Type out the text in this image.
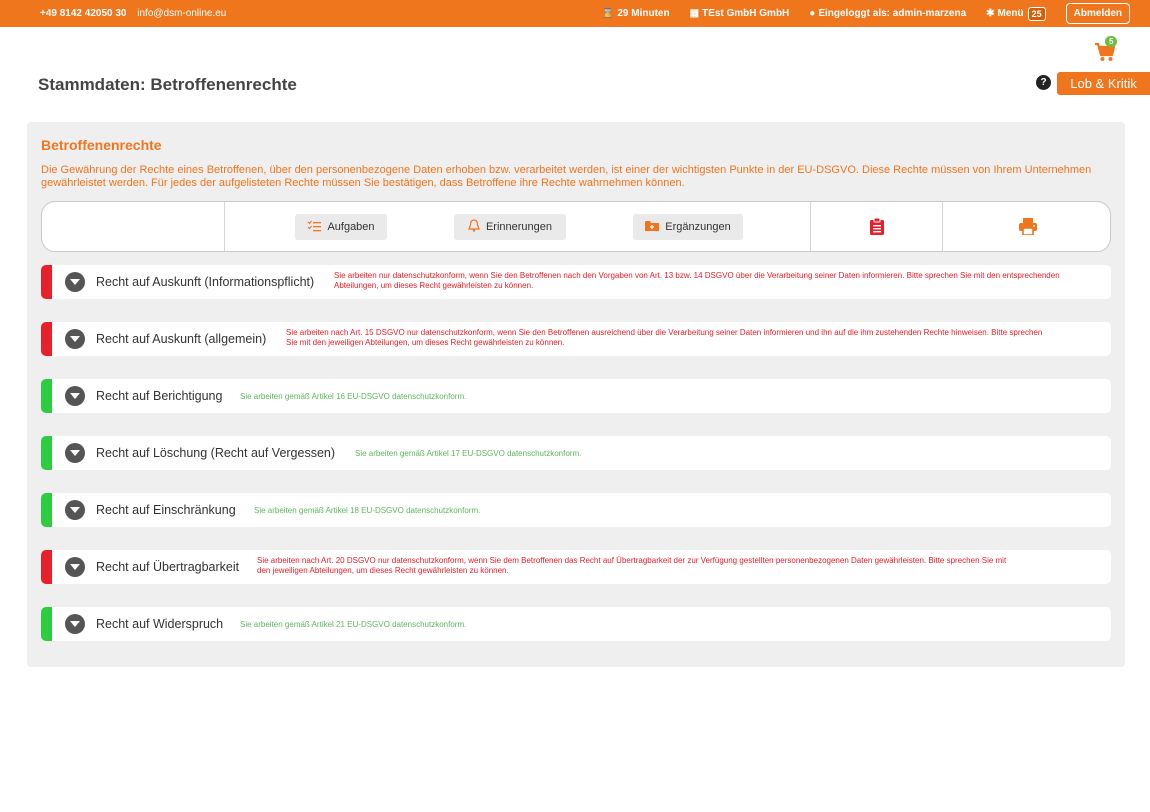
+49 8142 42050 30 info@dsm-online.eu	⌛ 29 Minuten ▦ TEst GmbH GmbH ● Eingeloggt als: admin-marzena ✱ Menü 25	Abmelden
5
Stammdaten: Betroffenenrechte	?	Lob & Kritik
Betroffenenrechte
Die Gewährung der Rechte eines Betroffenen, über den personenbezogene Daten erhoben bzw. verarbeitet werden, ist einer der wichtigsten Punkte in der EU-DSGVO. Diese Rechte müssen von Ihrem Unternehmen gewährleistet werden. Für jedes der aufgelisteten Rechte müssen Sie bestätigen, dass Betroffene ihre Rechte wahrnehmen können.
Aufgaben	Erinnerungen	Ergänzungen
Recht auf Auskunft (Informationspflicht) Sie arbeiten nur datenschutzkonform, wenn Sie den Betroffenen nach den Vorgaben von Art. 13 bzw. 14 DSGVO über die Verarbeitung seiner Daten informieren. Bitte sprechen Sie mit den entsprechenden Abteilungen, um dieses Recht gewährleisten zu können.
Recht auf Auskunft (allgemein) Sie arbeiten nach Art. 15 DSGVO nur datenschutzkonform, wenn Sie den Betroffenen ausreichend über die Verarbeitung seiner Daten informieren und ihn auf die ihm zustehenden Rechte hinweisen. Bitte sprechen Sie mit den jeweiligen Abteilungen, um dieses Recht gewährleisten zu können.
Recht auf Berichtigung Sie arbeiten gemäß Artikel 16 EU-DSGVO datenschutzkonform.
Recht auf Löschung (Recht auf Vergessen) Sie arbeiten gemäß Artikel 17 EU-DSGVO datenschutzkonform.
Recht auf Einschränkung Sie arbeiten gemäß Artikel 18 EU-DSGVO datenschutzkonform.
Recht auf Übertragbarkeit Sie arbeiten nach Art. 20 DSGVO nur datenschutzkonform, wenn Sie dem Betroffenen das Recht auf Übertragbarkeit der zur Verfügung gestellten personenbezogenen Daten gewährleisten. Bitte sprechen Sie mit den jeweiligen Abteilungen, um dieses Recht gewährleisten zu können.
Recht auf Widerspruch Sie arbeiten gemäß Artikel 21 EU-DSGVO datenschutzkonform.
